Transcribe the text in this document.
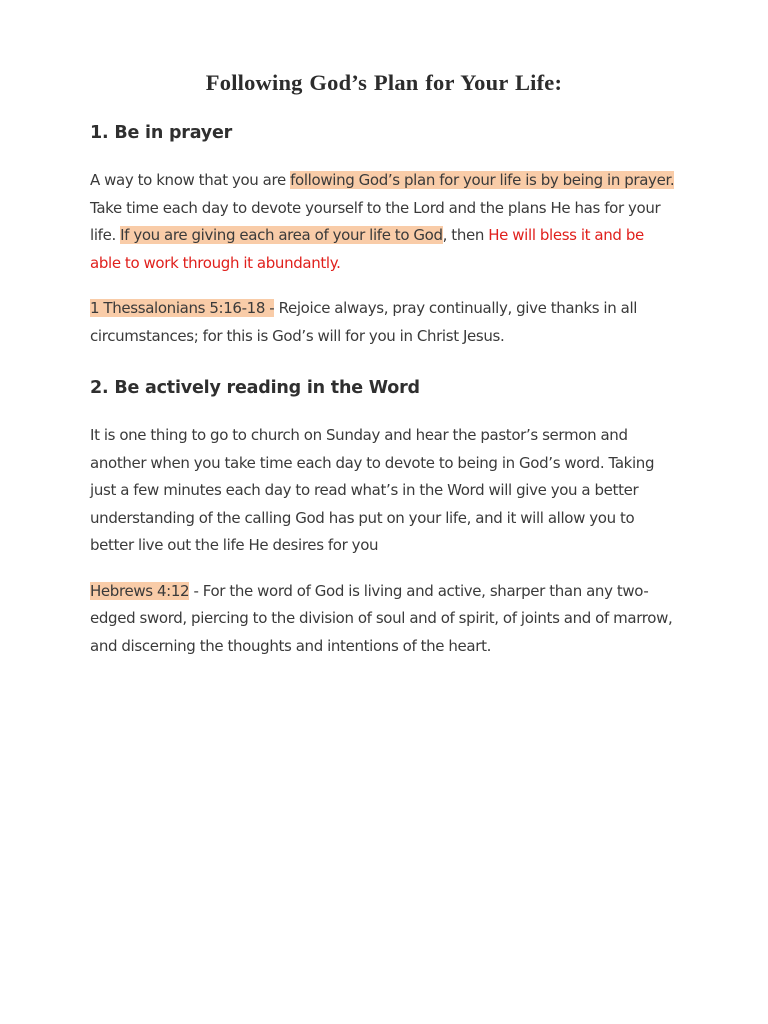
Following God’s Plan for Your Life:
1. Be in prayer

A way to know that you are following God’s plan for your life is by being in prayer. Take time each day to devote yourself to the Lord and the plans He has for your life. If you are giving each area of your life to God, then He will bless it and be able to work through it abundantly.

1 Thessalonians 5:16-18 - Rejoice always, pray continually, give thanks in all circumstances; for this is God’s will for you in Christ Jesus.

2. Be actively reading in the Word

It is one thing to go to church on Sunday and hear the pastor’s sermon and another when you take time each day to devote to being in God’s word. Taking just a few minutes each day to read what’s in the Word will give you a better understanding of the calling God has put on your life, and it will allow you to better live out the life He desires for you

Hebrews 4:12 - For the word of God is living and active, sharper than any two-edged sword, piercing to the division of soul and of spirit, of joints and of marrow, and discerning the thoughts and intentions of the heart.
